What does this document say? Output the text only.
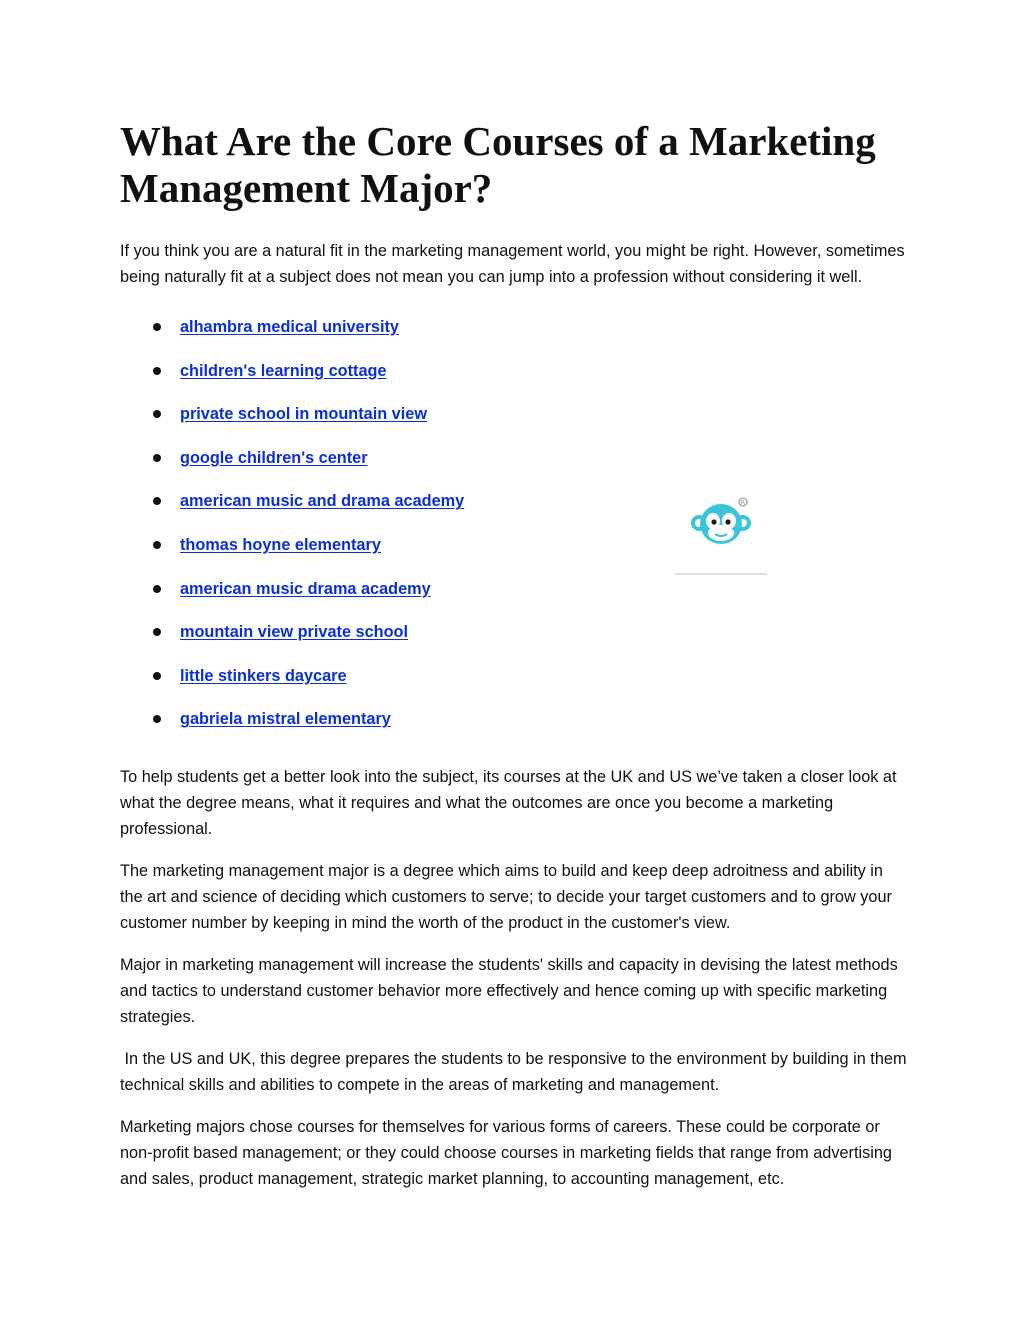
What Are the Core Courses of a Marketing Management Major?

If you think you are a natural fit in the marketing management world, you might be right. However, sometimes being naturally fit at a subject does not mean you can jump into a profession without considering it well.

alhambra medical university
children's learning cottage
private school in mountain view
google children's center
american music and drama academy
thomas hoyne elementary
american music drama academy
mountain view private school
little stinkers daycare
gabriela mistral elementary

To help students get a better look into the subject, its courses at the UK and US we’ve taken a closer look at what the degree means, what it requires and what the outcomes are once you become a marketing professional.

The marketing management major is a degree which aims to build and keep deep adroitness and ability in the art and science of deciding which customers to serve; to decide your target customers and to grow your customer number by keeping in mind the worth of the product in the customer's view.

Major in marketing management will increase the students' skills and capacity in devising the latest methods and tactics to understand customer behavior more effectively and hence coming up with specific marketing strategies.

In the US and UK, this degree prepares the students to be responsive to the environment by building in them technical skills and abilities to compete in the areas of marketing and management.

Marketing majors chose courses for themselves for various forms of careers. These could be corporate or non-profit based management; or they could choose courses in marketing fields that range from advertising and sales, product management, strategic market planning, to accounting management, etc.

R
